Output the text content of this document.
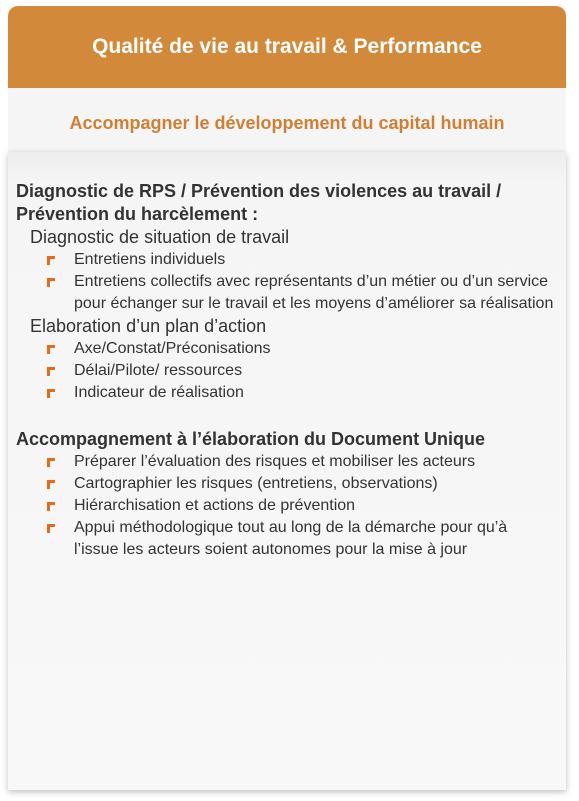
Qualité de vie au travail & Performance
Accompagner le développement du capital humain

Diagnostic de RPS / Prévention des violences au travail / Prévention du harcèlement :

Diagnostic de situation de travail
Entretiens individuels
Entretiens collectifs avec représentants d’un métier ou d’un service pour échanger sur le travail et les moyens d’améliorer sa réalisation
Elaboration d’un plan d’action
Axe/Constat/Préconisations
Délai/Pilote/ ressources
Indicateur de réalisation

Accompagnement à l’élaboration du Document Unique

Préparer l’évaluation des risques et mobiliser les acteurs
Cartographier les risques (entretiens, observations)
Hiérarchisation et actions de prévention
Appui méthodologique tout au long de la démarche pour qu’à l’issue les acteurs soient autonomes pour la mise à jour
